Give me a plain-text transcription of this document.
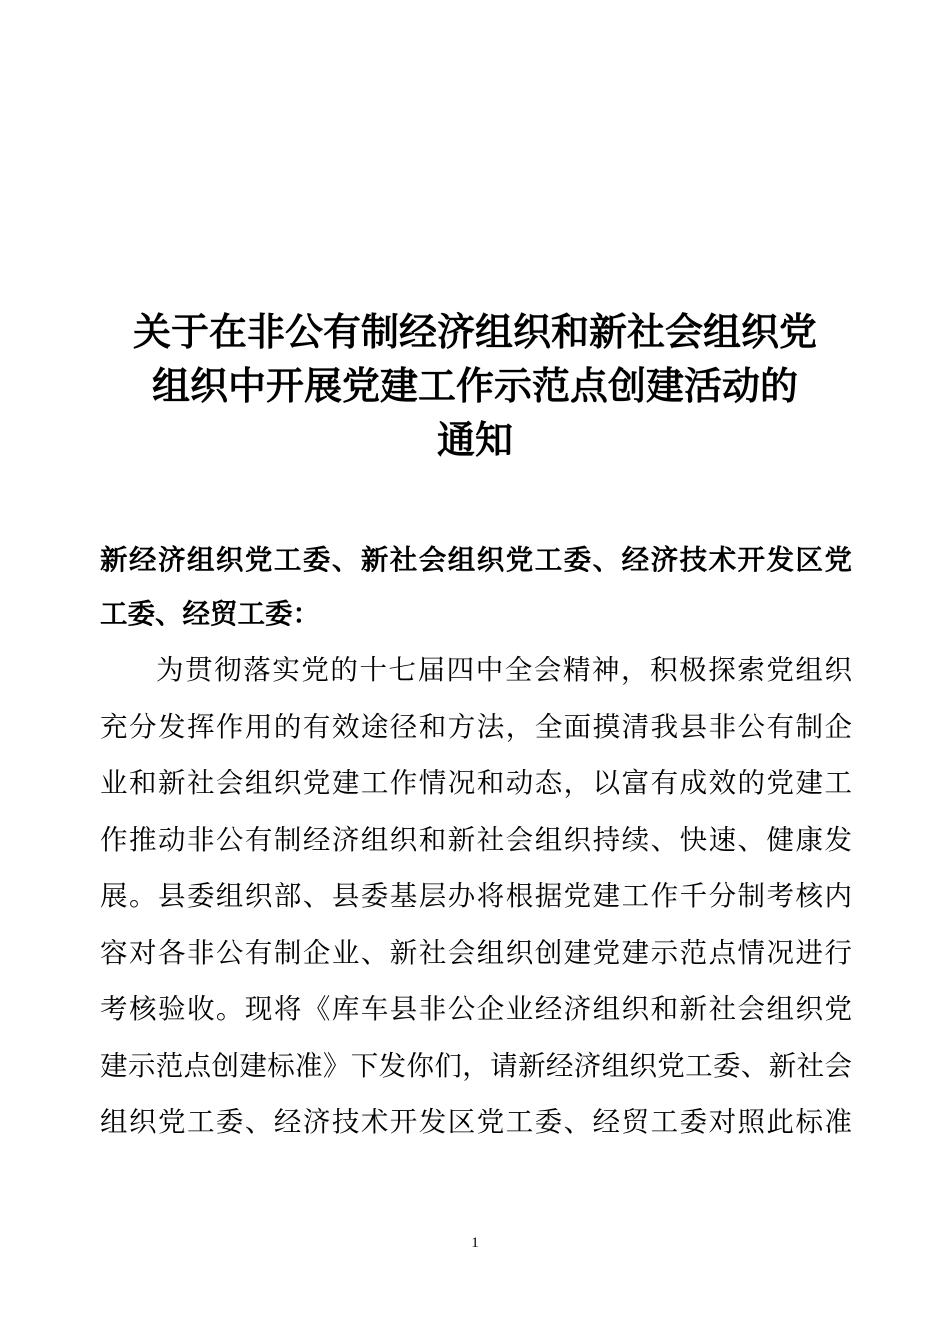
关于在非公有制经济组织和新社会组织党
组织中开展党建工作示范点创建活动的
通知
新经济组织党工委、新社会组织党工委、经济技术开发区党
工委、经贸工委：
为贯彻落实党的十七届四中全会精神，积极探索党组织
充分发挥作用的有效途径和方法，全面摸清我县非公有制企
业和新社会组织党建工作情况和动态，以富有成效的党建工
作推动非公有制经济组织和新社会组织持续、快速、健康发
展。县委组织部、县委基层办将根据党建工作千分制考核内
容对各非公有制企业、新社会组织创建党建示范点情况进行
考核验收。现将《库车县非公企业经济组织和新社会组织党
建示范点创建标准》下发你们，请新经济组织党工委、新社会
组织党工委、经济技术开发区党工委、经贸工委对照此标准
1
